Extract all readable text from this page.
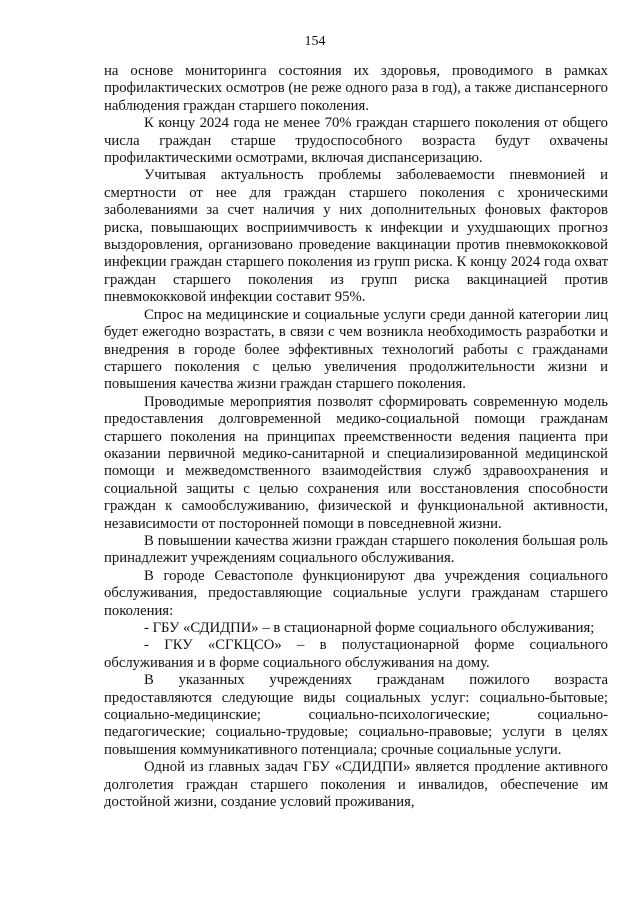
154

на основе мониторинга состояния их здоровья, проводимого в рамках профилактических осмотров (не реже одного раза в год), а также диспансерного наблюдения граждан старшего поколения.

К концу 2024 года не менее 70% граждан старшего поколения от общего числа граждан старше трудоспособного возраста будут охвачены профилактическими осмотрами, включая диспансеризацию.

Учитывая актуальность проблемы заболеваемости пневмонией и смертности от нее для граждан старшего поколения с хроническими заболеваниями за счет наличия у них дополнительных фоновых факторов риска, повышающих восприимчивость к инфекции и ухудшающих прогноз выздоровления, организовано проведение вакцинации против пневмококковой инфекции граждан старшего поколения из групп риска. К концу 2024 года охват граждан старшего поколения из групп риска вакцинацией против пневмококковой инфекции составит 95%.

Спрос на медицинские и социальные услуги среди данной категории лиц будет ежегодно возрастать, в связи с чем возникла необходимость разработки и внедрения в городе более эффективных технологий работы с гражданами старшего поколения с целью увеличения продолжительности жизни и повышения качества жизни граждан старшего поколения.

Проводимые мероприятия позволят сформировать современную модель предоставления долговременной медико-социальной помощи гражданам старшего поколения на принципах преемственности ведения пациента при оказании первичной медико-санитарной и специализированной медицинской помощи и межведомственного взаимодействия служб здравоохранения и социальной защиты с целью сохранения или восстановления способности граждан к самообслуживанию, физической и функциональной активности, независимости от посторонней помощи в повседневной жизни.

В повышении качества жизни граждан старшего поколения большая роль принадлежит учреждениям социального обслуживания.

В городе Севастополе функционируют два учреждения социального обслуживания, предоставляющие социальные услуги гражданам старшего поколения:

- ГБУ «СДИДПИ» – в стационарной форме социального обслуживания;

- ГКУ «СГКЦСО» – в полустационарной форме социального обслуживания и в форме социального обслуживания на дому.

В указанных учреждениях гражданам пожилого возраста предоставляются следующие виды социальных услуг: социально-бытовые; социально-медицинские; социально-психологические; социально-педагогические; социально-трудовые; социально-правовые; услуги в целях повышения коммуникативного потенциала; срочные социальные услуги.

Одной из главных задач ГБУ «СДИДПИ» является продление активного долголетия граждан старшего поколения и инвалидов, обеспечение им достойной жизни, создание условий проживания,
